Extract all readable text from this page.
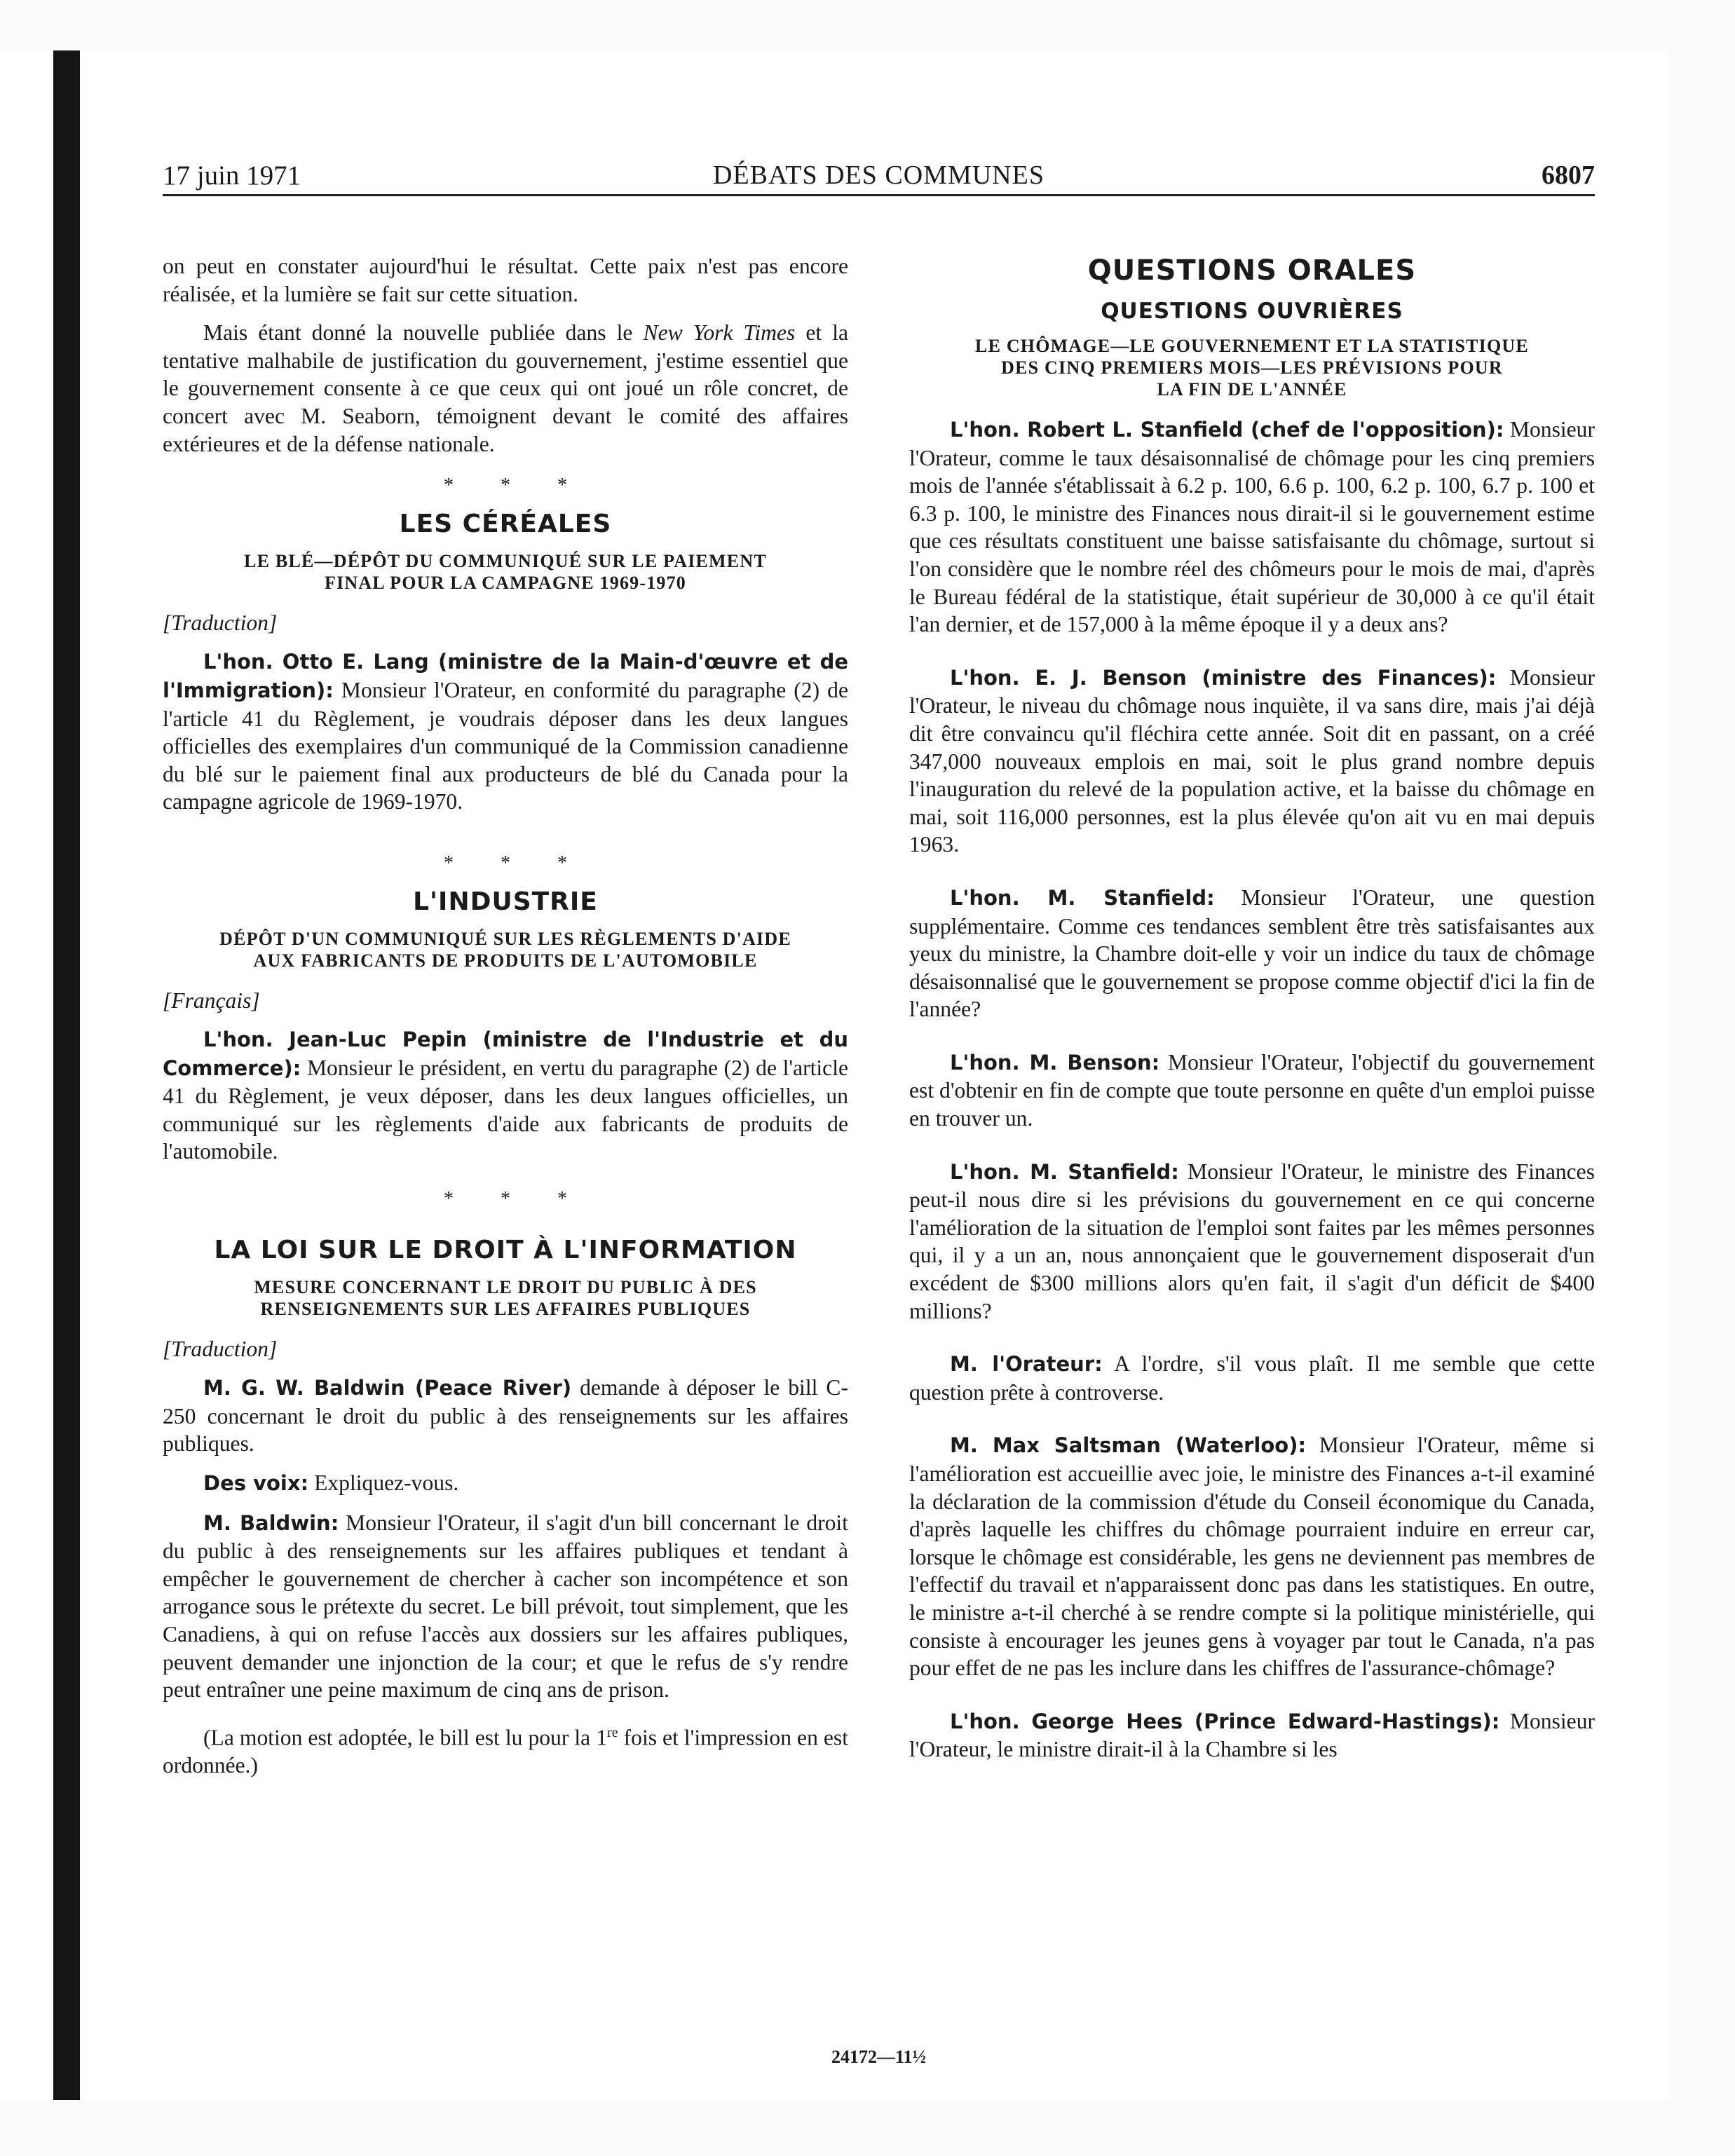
DÉBATS DES COMMUNES
17 juin 1971	6807

on peut en constater aujourd'hui le résultat. Cette paix n'est pas encore réalisée, et la lumière se fait sur cette situation.

Mais étant donné la nouvelle publiée dans le New York Times et la tentative malhabile de justification du gouvernement, j'estime essentiel que le gouvernement consente à ce que ceux qui ont joué un rôle concret, de concert avec M. Seaborn, témoignent devant le comité des affaires extérieures et de la défense nationale.

* * *
LES CÉRÉALES
LE BLÉ—DÉPÔT DU COMMUNIQUÉ SUR LE PAIEMENT
FINAL POUR LA CAMPAGNE 1969-1970

[Traduction]

L'hon. Otto E. Lang (ministre de la Main-d'œuvre et de l'Immigration): Monsieur l'Orateur, en conformité du paragraphe (2) de l'article 41 du Règlement, je voudrais déposer dans les deux langues officielles des exemplaires d'un communiqué de la Commission canadienne du blé sur le paiement final aux producteurs de blé du Canada pour la campagne agricole de 1969-1970.

* * *
L'INDUSTRIE
DÉPÔT D'UN COMMUNIQUÉ SUR LES RÈGLEMENTS D'AIDE
AUX FABRICANTS DE PRODUITS DE L'AUTOMOBILE

[Français]

L'hon. Jean-Luc Pepin (ministre de l'Industrie et du Commerce): Monsieur le président, en vertu du paragraphe (2) de l'article 41 du Règlement, je veux déposer, dans les deux langues officielles, un communiqué sur les règlements d'aide aux fabricants de produits de l'automobile.

* * *
LA LOI SUR LE DROIT À L'INFORMATION
MESURE CONCERNANT LE DROIT DU PUBLIC À DES
RENSEIGNEMENTS SUR LES AFFAIRES PUBLIQUES

[Traduction]

M. G. W. Baldwin (Peace River) demande à déposer le bill C-250 concernant le droit du public à des renseignements sur les affaires publiques.

Des voix: Expliquez-vous.

M. Baldwin: Monsieur l'Orateur, il s'agit d'un bill concernant le droit du public à des renseignements sur les affaires publiques et tendant à empêcher le gouvernement de chercher à cacher son incompétence et son arrogance sous le prétexte du secret. Le bill prévoit, tout simplement, que les Canadiens, à qui on refuse l'accès aux dossiers sur les affaires publiques, peuvent demander une injonction de la cour; et que le refus de s'y rendre peut entraîner une peine maximum de cinq ans de prison.

(La motion est adoptée, le bill est lu pour la 1re fois et l'impression en est ordonnée.)

QUESTIONS ORALES
QUESTIONS OUVRIÈRES
LE CHÔMAGE—LE GOUVERNEMENT ET LA STATISTIQUE
DES CINQ PREMIERS MOIS—LES PRÉVISIONS POUR
LA FIN DE L'ANNÉE

L'hon. Robert L. Stanfield (chef de l'opposition): Monsieur l'Orateur, comme le taux désaisonnalisé de chômage pour les cinq premiers mois de l'année s'établissait à 6.2 p. 100, 6.6 p. 100, 6.2 p. 100, 6.7 p. 100 et 6.3 p. 100, le ministre des Finances nous dirait-il si le gouvernement estime que ces résultats constituent une baisse satisfaisante du chômage, surtout si l'on considère que le nombre réel des chômeurs pour le mois de mai, d'après le Bureau fédéral de la statistique, était supérieur de 30,000 à ce qu'il était l'an dernier, et de 157,000 à la même époque il y a deux ans?

L'hon. E. J. Benson (ministre des Finances): Monsieur l'Orateur, le niveau du chômage nous inquiète, il va sans dire, mais j'ai déjà dit être convaincu qu'il fléchira cette année. Soit dit en passant, on a créé 347,000 nouveaux emplois en mai, soit le plus grand nombre depuis l'inauguration du relevé de la population active, et la baisse du chômage en mai, soit 116,000 personnes, est la plus élevée qu'on ait vu en mai depuis 1963.

L'hon. M. Stanfield: Monsieur l'Orateur, une question supplémentaire. Comme ces tendances semblent être très satisfaisantes aux yeux du ministre, la Chambre doit-elle y voir un indice du taux de chômage désaisonnalisé que le gouvernement se propose comme objectif d'ici la fin de l'année?

L'hon. M. Benson: Monsieur l'Orateur, l'objectif du gouvernement est d'obtenir en fin de compte que toute personne en quête d'un emploi puisse en trouver un.

L'hon. M. Stanfield: Monsieur l'Orateur, le ministre des Finances peut-il nous dire si les prévisions du gouvernement en ce qui concerne l'amélioration de la situation de l'emploi sont faites par les mêmes personnes qui, il y a un an, nous annonçaient que le gouvernement disposerait d'un excédent de $300 millions alors qu'en fait, il s'agit d'un déficit de $400 millions?

M. l'Orateur: A l'ordre, s'il vous plaît. Il me semble que cette question prête à controverse.

M. Max Saltsman (Waterloo): Monsieur l'Orateur, même si l'amélioration est accueillie avec joie, le ministre des Finances a-t-il examiné la déclaration de la commission d'étude du Conseil économique du Canada, d'après laquelle les chiffres du chômage pourraient induire en erreur car, lorsque le chômage est considérable, les gens ne deviennent pas membres de l'effectif du travail et n'apparaissent donc pas dans les statistiques. En outre, le ministre a-t-il cherché à se rendre compte si la politique ministérielle, qui consiste à encourager les jeunes gens à voyager par tout le Canada, n'a pas pour effet de ne pas les inclure dans les chiffres de l'assurance-chômage?

L'hon. George Hees (Prince Edward-Hastings): Monsieur l'Orateur, le ministre dirait-il à la Chambre si les

24172—11½
